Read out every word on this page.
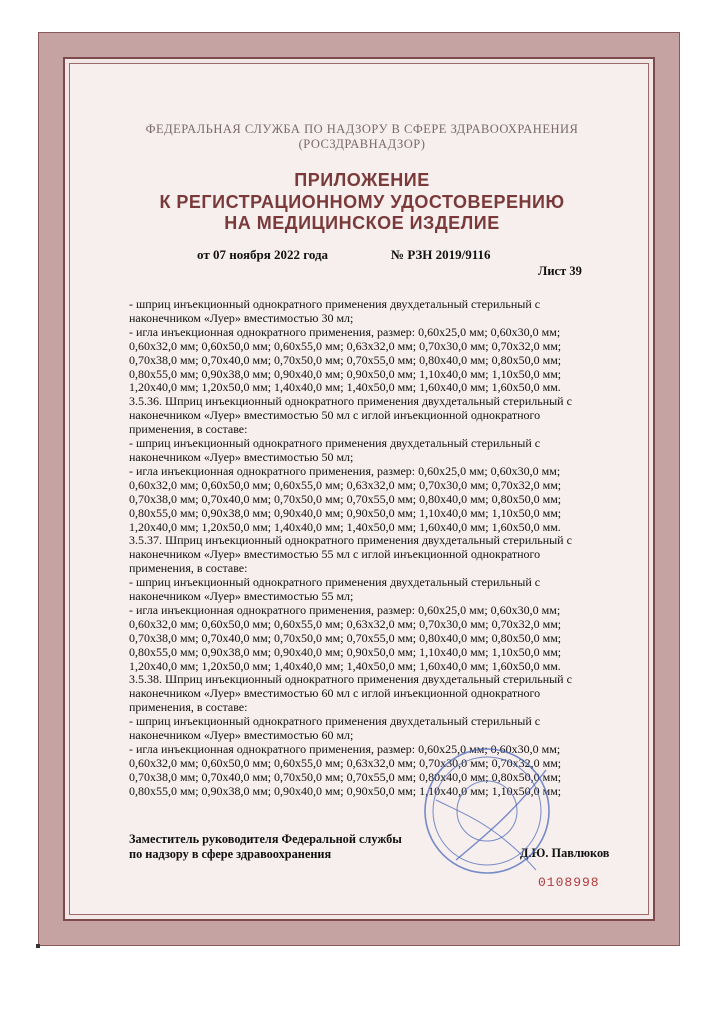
ФЕДЕРАЛЬНАЯ СЛУЖБА ПО НАДЗОРУ В СФЕРЕ ЗДРАВООХРАНЕНИЯ
(РОСЗДРАВНАДЗОР)
ПРИЛОЖЕНИЕ
К РЕГИСТРАЦИОННОМУ УДОСТОВЕРЕНИЮ
НА МЕДИЦИНСКОЕ ИЗДЕЛИЕ
от 07 ноября 2022 года	№ РЗН 2019/9116
Лист 39
- шприц инъекционный однократного применения двухдетальный стерильный с
наконечником «Луер» вместимостью 30 мл;
- игла инъекционная однократного применения, размер: 0,60х25,0 мм; 0,60х30,0 мм;
0,60х32,0 мм; 0,60х50,0 мм; 0,60х55,0 мм; 0,63х32,0 мм; 0,70х30,0 мм; 0,70х32,0 мм;
0,70х38,0 мм; 0,70х40,0 мм; 0,70х50,0 мм; 0,70х55,0 мм; 0,80х40,0 мм; 0,80х50,0 мм;
0,80х55,0 мм; 0,90х38,0 мм; 0,90х40,0 мм; 0,90х50,0 мм; 1,10х40,0 мм; 1,10х50,0 мм;
1,20х40,0 мм; 1,20х50,0 мм; 1,40х40,0 мм; 1,40х50,0 мм; 1,60х40,0 мм; 1,60х50,0 мм.
3.5.36. Шприц инъекционный однократного применения двухдетальный стерильный с
наконечником «Луер» вместимостью 50 мл с иглой инъекционной однократного
применения, в составе:
- шприц инъекционный однократного применения двухдетальный стерильный с
наконечником «Луер» вместимостью 50 мл;
- игла инъекционная однократного применения, размер: 0,60х25,0 мм; 0,60х30,0 мм;
0,60х32,0 мм; 0,60х50,0 мм; 0,60х55,0 мм; 0,63х32,0 мм; 0,70х30,0 мм; 0,70х32,0 мм;
0,70х38,0 мм; 0,70х40,0 мм; 0,70х50,0 мм; 0,70х55,0 мм; 0,80х40,0 мм; 0,80х50,0 мм;
0,80х55,0 мм; 0,90х38,0 мм; 0,90х40,0 мм; 0,90х50,0 мм; 1,10х40,0 мм; 1,10х50,0 мм;
1,20х40,0 мм; 1,20х50,0 мм; 1,40х40,0 мм; 1,40х50,0 мм; 1,60х40,0 мм; 1,60х50,0 мм.
3.5.37. Шприц инъекционный однократного применения двухдетальный стерильный с
наконечником «Луер» вместимостью 55 мл с иглой инъекционной однократного
применения, в составе:
- шприц инъекционный однократного применения двухдетальный стерильный с
наконечником «Луер» вместимостью 55 мл;
- игла инъекционная однократного применения, размер: 0,60х25,0 мм; 0,60х30,0 мм;
0,60х32,0 мм; 0,60х50,0 мм; 0,60х55,0 мм; 0,63х32,0 мм; 0,70х30,0 мм; 0,70х32,0 мм;
0,70х38,0 мм; 0,70х40,0 мм; 0,70х50,0 мм; 0,70х55,0 мм; 0,80х40,0 мм; 0,80х50,0 мм;
0,80х55,0 мм; 0,90х38,0 мм; 0,90х40,0 мм; 0,90х50,0 мм; 1,10х40,0 мм; 1,10х50,0 мм;
1,20х40,0 мм; 1,20х50,0 мм; 1,40х40,0 мм; 1,40х50,0 мм; 1,60х40,0 мм; 1,60х50,0 мм.
3.5.38. Шприц инъекционный однократного применения двухдетальный стерильный с
наконечником «Луер» вместимостью 60 мл с иглой инъекционной однократного
применения, в составе:
- шприц инъекционный однократного применения двухдетальный стерильный с
наконечником «Луер» вместимостью 60 мл;
- игла инъекционная однократного применения, размер: 0,60х25,0 мм; 0,60х30,0 мм;
0,60х32,0 мм; 0,60х50,0 мм; 0,60х55,0 мм; 0,63х32,0 мм; 0,70х30,0 мм; 0,70х32,0 мм;
0,70х38,0 мм; 0,70х40,0 мм; 0,70х50,0 мм; 0,70х55,0 мм; 0,80х40,0 мм; 0,80х50,0 мм;
0,80х55,0 мм; 0,90х38,0 мм; 0,90х40,0 мм; 0,90х50,0 мм; 1,10х40,0 мм; 1,10х50,0 мм;
Заместитель руководителя Федеральной службы
по надзору в сфере здравоохранения	Д.Ю. Павлюков
0108998
